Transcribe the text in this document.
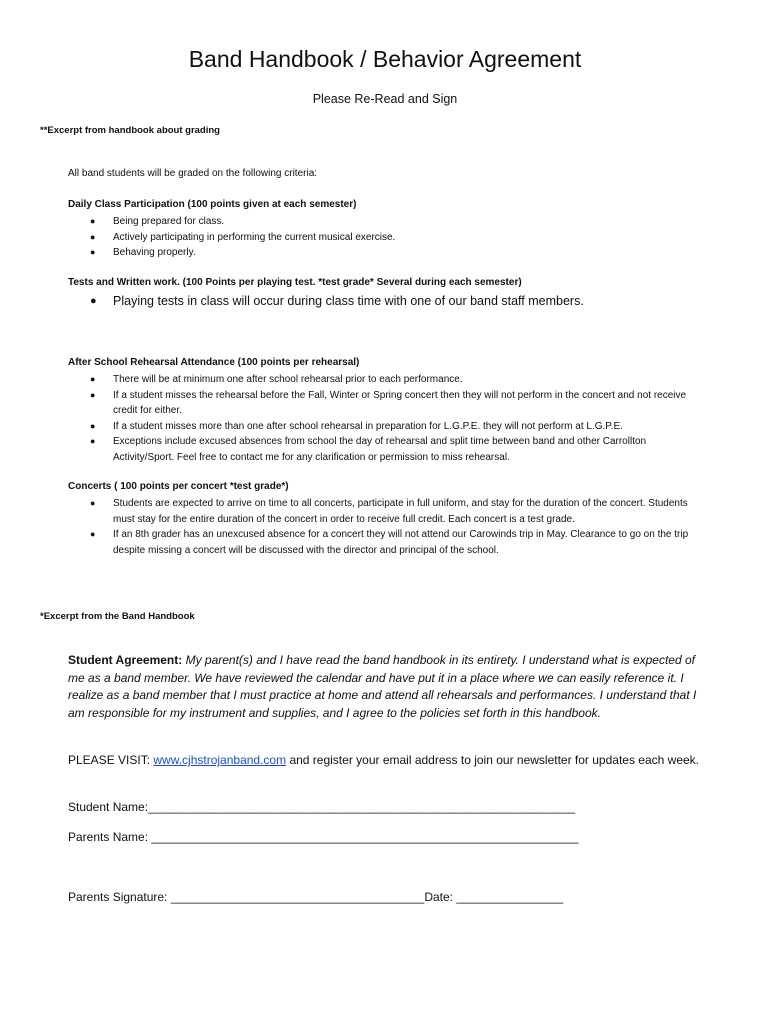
Band Handbook / Behavior Agreement

Please Re-Read and Sign

**Excerpt from handbook about grading

All band students will be graded on the following criteria:

Daily Class Participation (100 points given at each semester)

● Being prepared for class.
● Actively participating in performing the current musical exercise.
● Behaving properly.

Tests and Written work. (100 Points per playing test. *test grade* Several during each semester)

● Playing tests in class will occur during class time with one of our band staff members.

After School Rehearsal Attendance (100 points per rehearsal)

● There will be at minimum one after school rehearsal prior to each performance.
● If a student misses the rehearsal before the Fall, Winter or Spring concert then they will not perform in the concert and not receive credit for either.
● If a student misses more than one after school rehearsal in preparation for L.G.P.E. they will not perform at L.G.P.E.
● Exceptions include excused absences from school the day of rehearsal and split time between band and other Carrollton Activity/Sport. Feel free to contact me for any clarification or permission to miss rehearsal.

Concerts ( 100 points per concert *test grade*)

● Students are expected to arrive on time to all concerts, participate in full uniform, and stay for the duration of the concert. Students must stay for the entire duration of the concert in order to receive full credit. Each concert is a test grade.
● If an 8th grader has an unexcused absence for a concert they will not attend our Carowinds trip in May. Clearance to go on the trip despite missing a concert will be discussed with the director and principal of the school.

*Excerpt from the Band Handbook

Student Agreement: My parent(s) and I have read the band handbook in its entirety. I understand what is expected of me as a band member. We have reviewed the calendar and have put it in a place where we can easily reference it. I realize as a band member that I must practice at home and attend all rehearsals and performances. I understand that I am responsible for my instrument and supplies, and I agree to the policies set forth in this handbook.

PLEASE VISIT: www.cjhstrojanband.com and register your email address to join our newsletter for updates each week.

Student Name:________________________________________________________________

Parents Name: ________________________________________________________________

Parents Signature: ______________________________________Date: ________________
